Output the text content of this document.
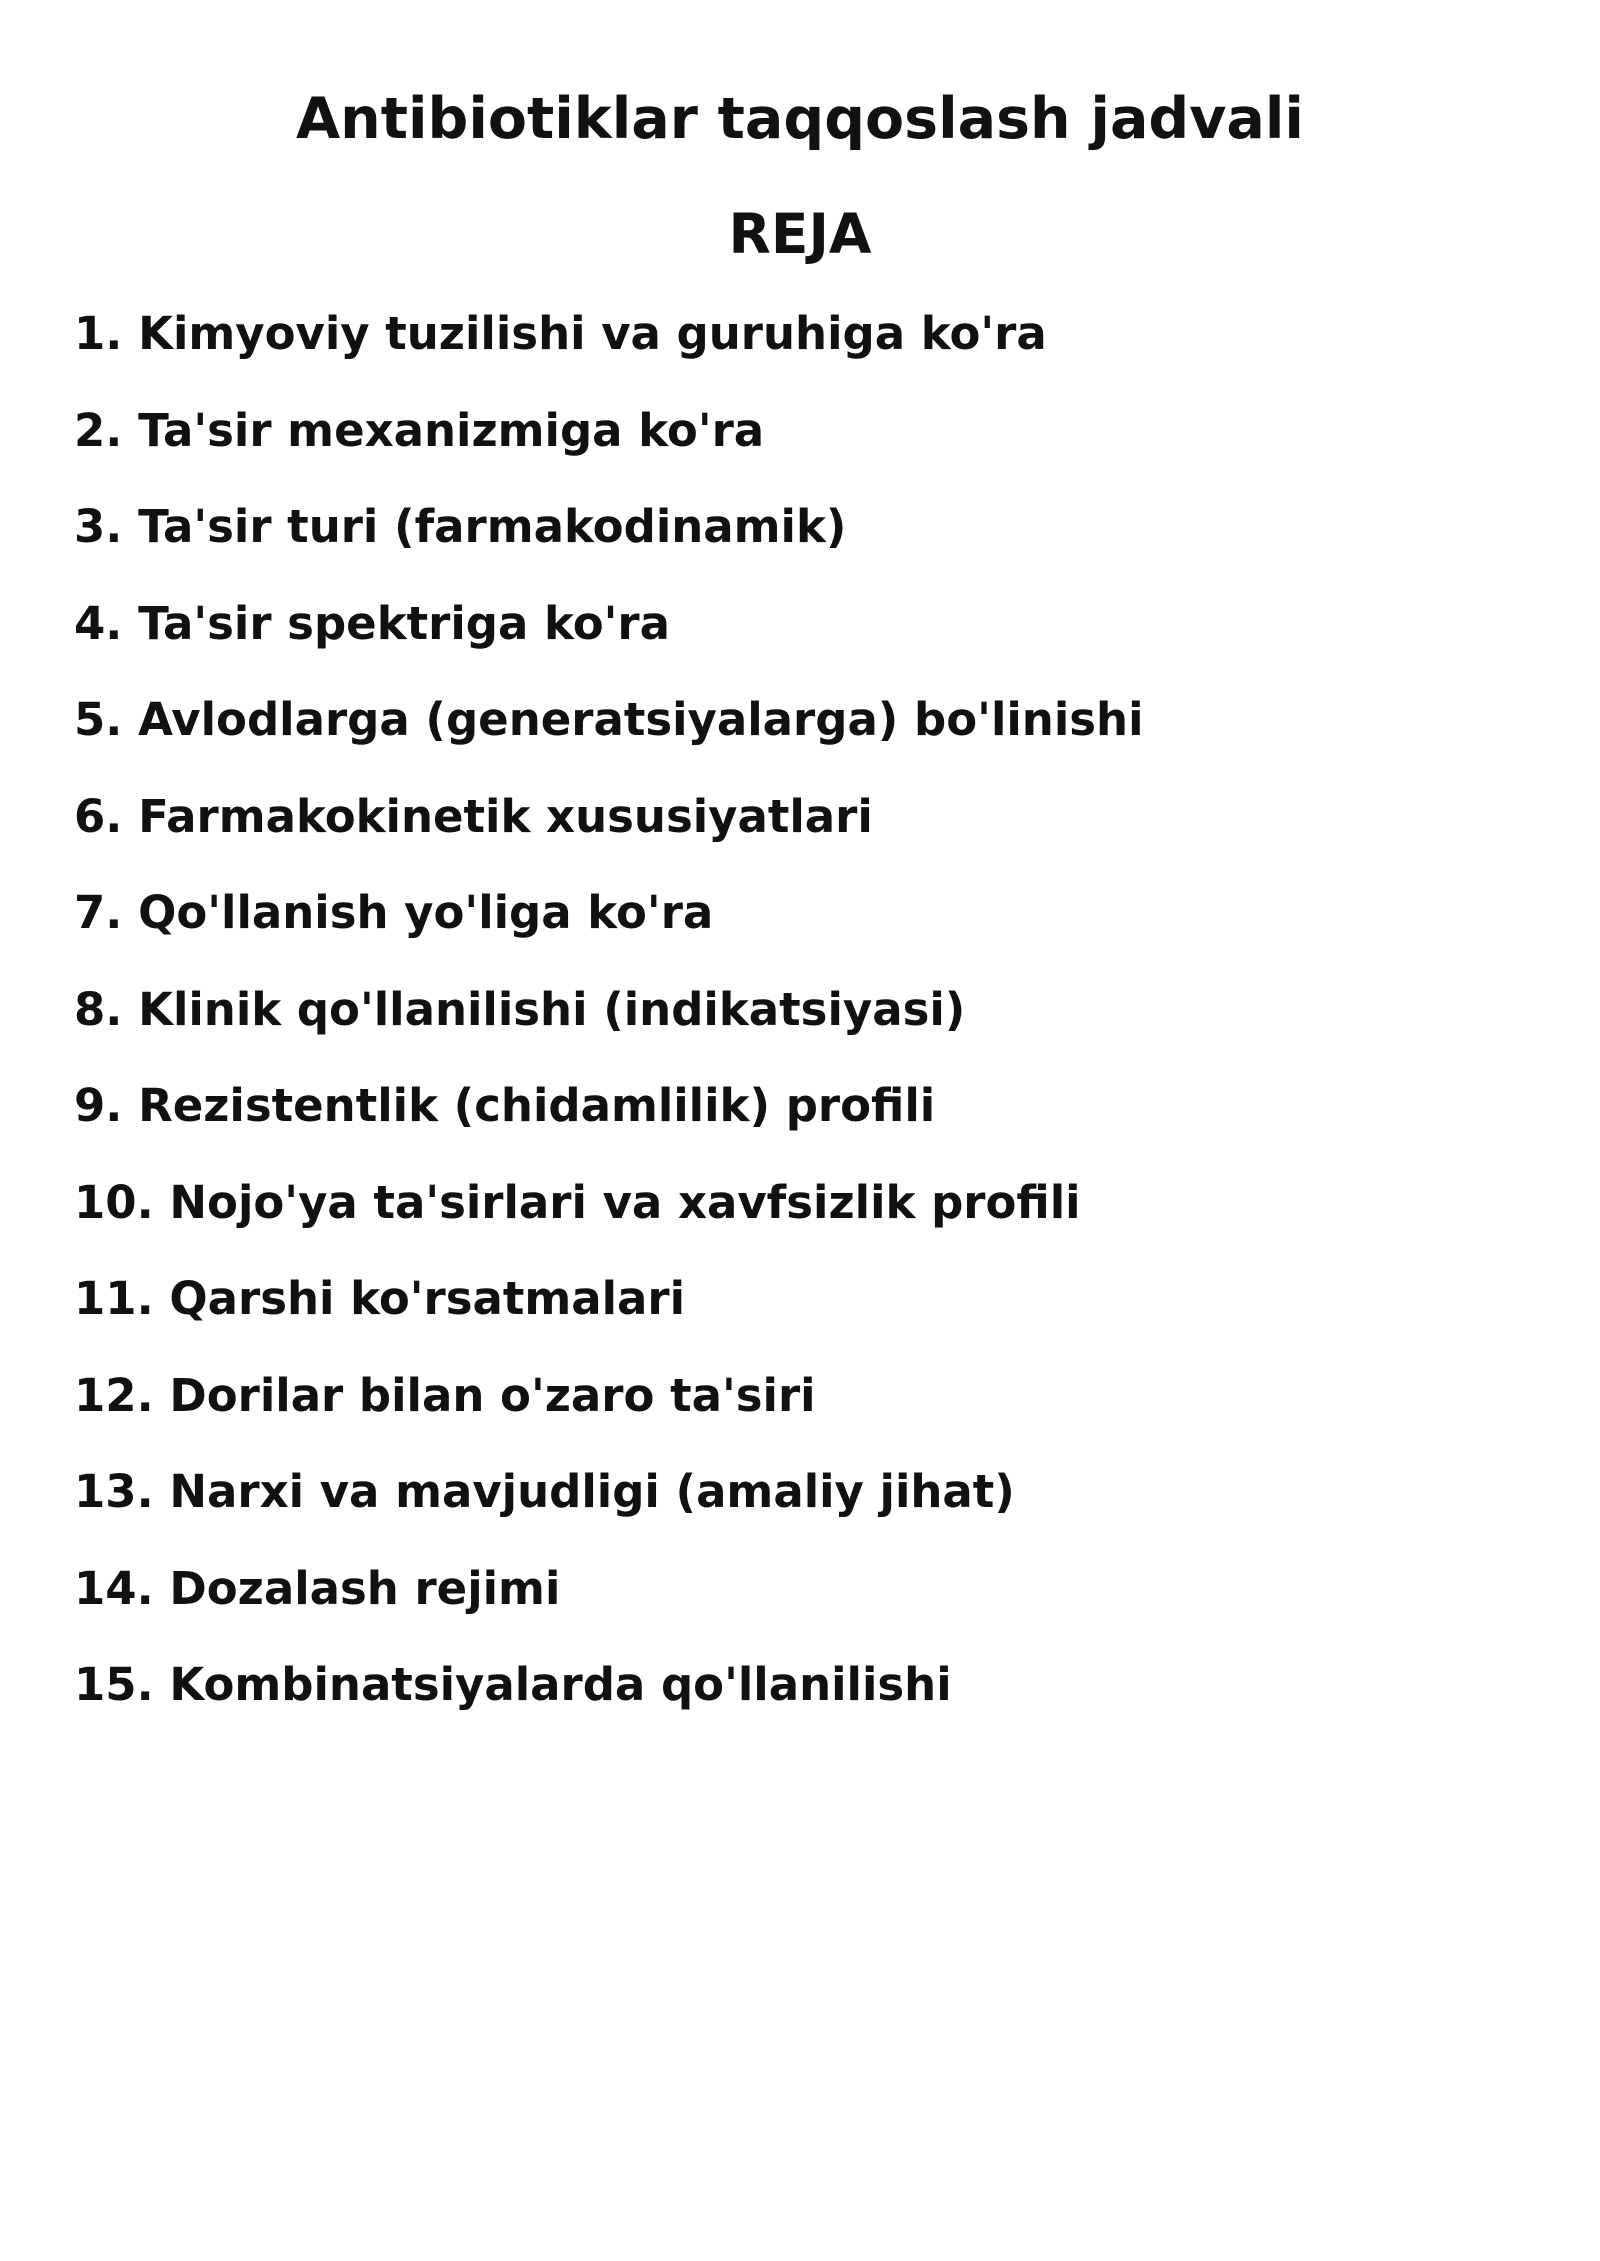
Antibiotiklar taqqoslash jadvali
REJA
1. Kimyoviy tuzilishi va guruhiga ko'ra
2. Ta'sir mexanizmiga ko'ra
3. Ta'sir turi (farmakodinamik)
4. Ta'sir spektriga ko'ra
5. Avlodlarga (generatsiyalarga) bo'linishi
6. Farmakokinetik xususiyatlari
7. Qo'llanish yo'liga ko'ra
8. Klinik qo'llanilishi (indikatsiyasi)
9. Rezistentlik (chidamlilik) profili
10. Nojo'ya ta'sirlari va xavfsizlik profili
11. Qarshi ko'rsatmalari
12. Dorilar bilan o'zaro ta'siri
13. Narxi va mavjudligi (amaliy jihat)
14. Dozalash rejimi
15. Kombinatsiyalarda qo'llanilishi
